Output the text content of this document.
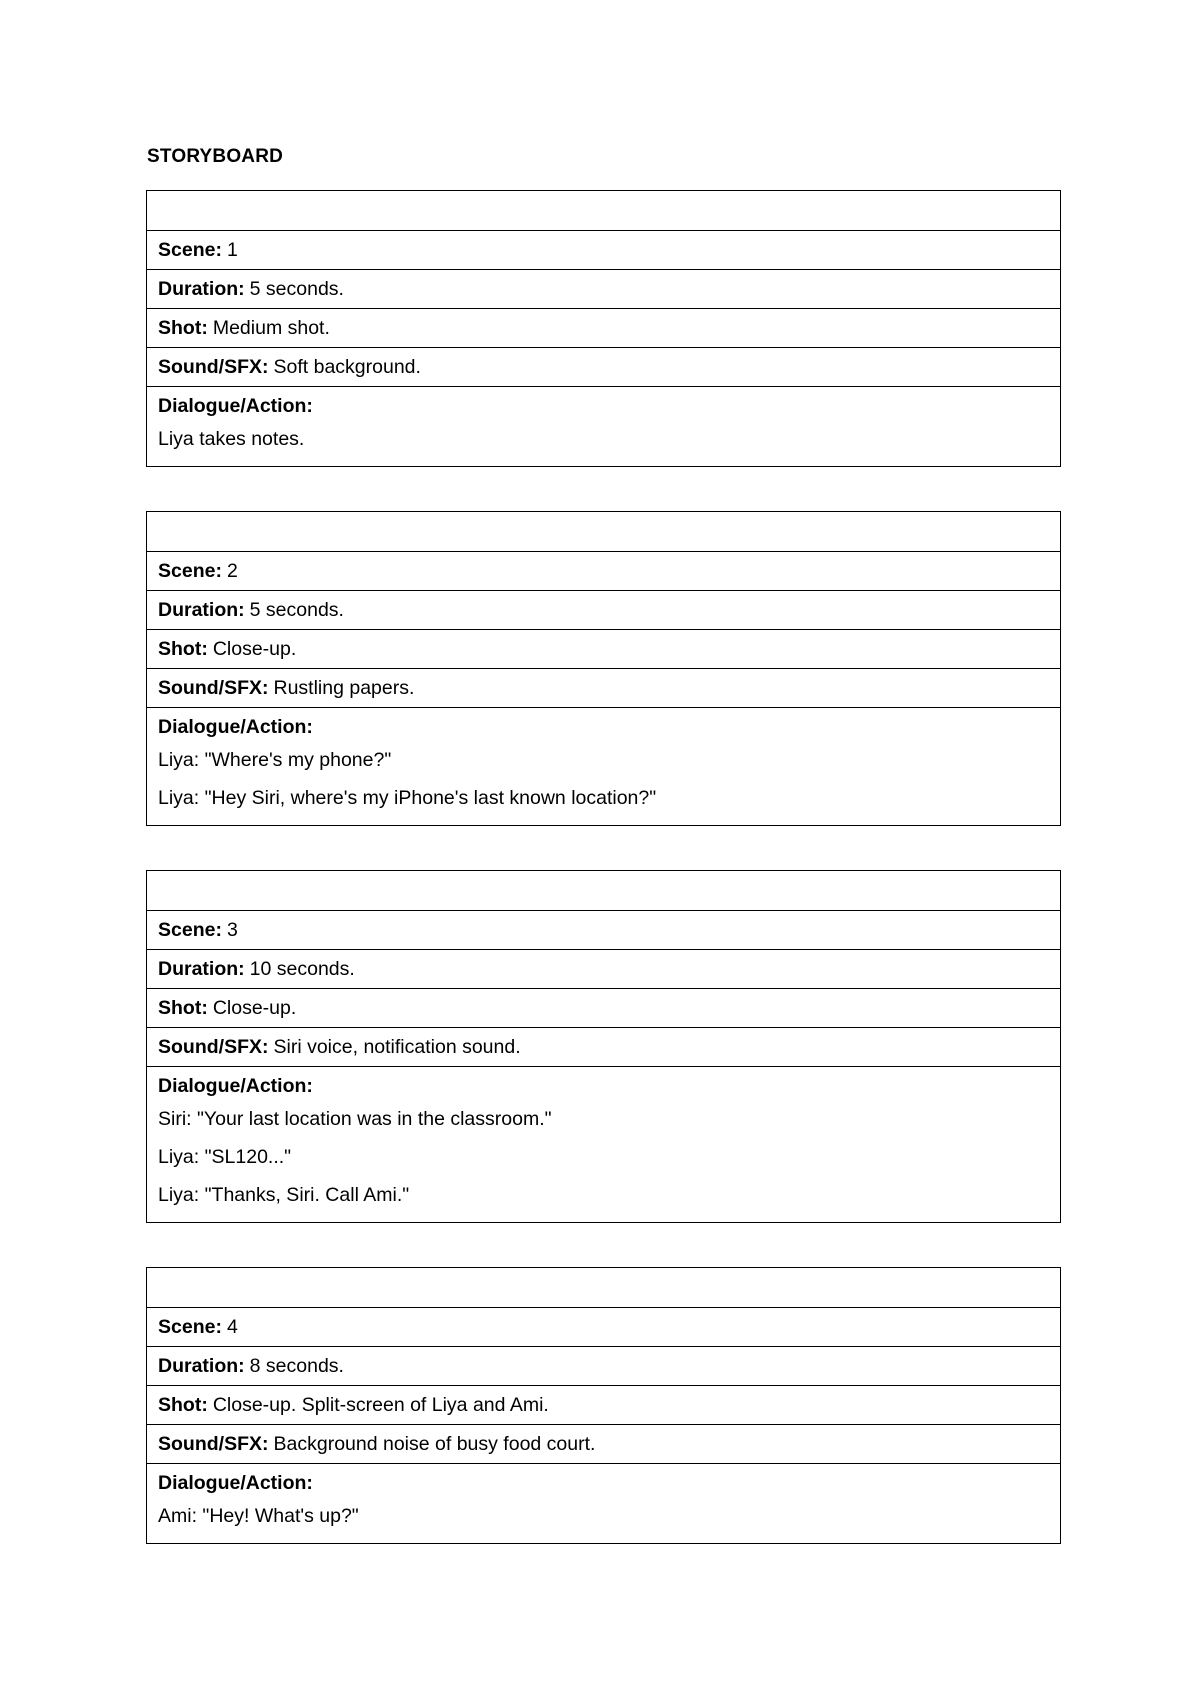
STORYBOARD
Scene: 1
Duration: 5 seconds.
Shot: Medium shot.
Sound/SFX: Soft background.
Dialogue/Action:
Liya takes notes.
Scene: 2
Duration: 5 seconds.
Shot: Close-up.
Sound/SFX: Rustling papers.
Dialogue/Action:
Liya: "Where's my phone?"
Liya: "Hey Siri, where's my iPhone's last known location?"
Scene: 3
Duration: 10 seconds.
Shot: Close-up.
Sound/SFX: Siri voice, notification sound.
Dialogue/Action:
Siri: "Your last location was in the classroom."
Liya: "SL120..."
Liya: "Thanks, Siri. Call Ami."
Scene: 4
Duration: 8 seconds.
Shot: Close-up. Split-screen of Liya and Ami.
Sound/SFX: Background noise of busy food court.
Dialogue/Action:
Ami: "Hey! What's up?"
